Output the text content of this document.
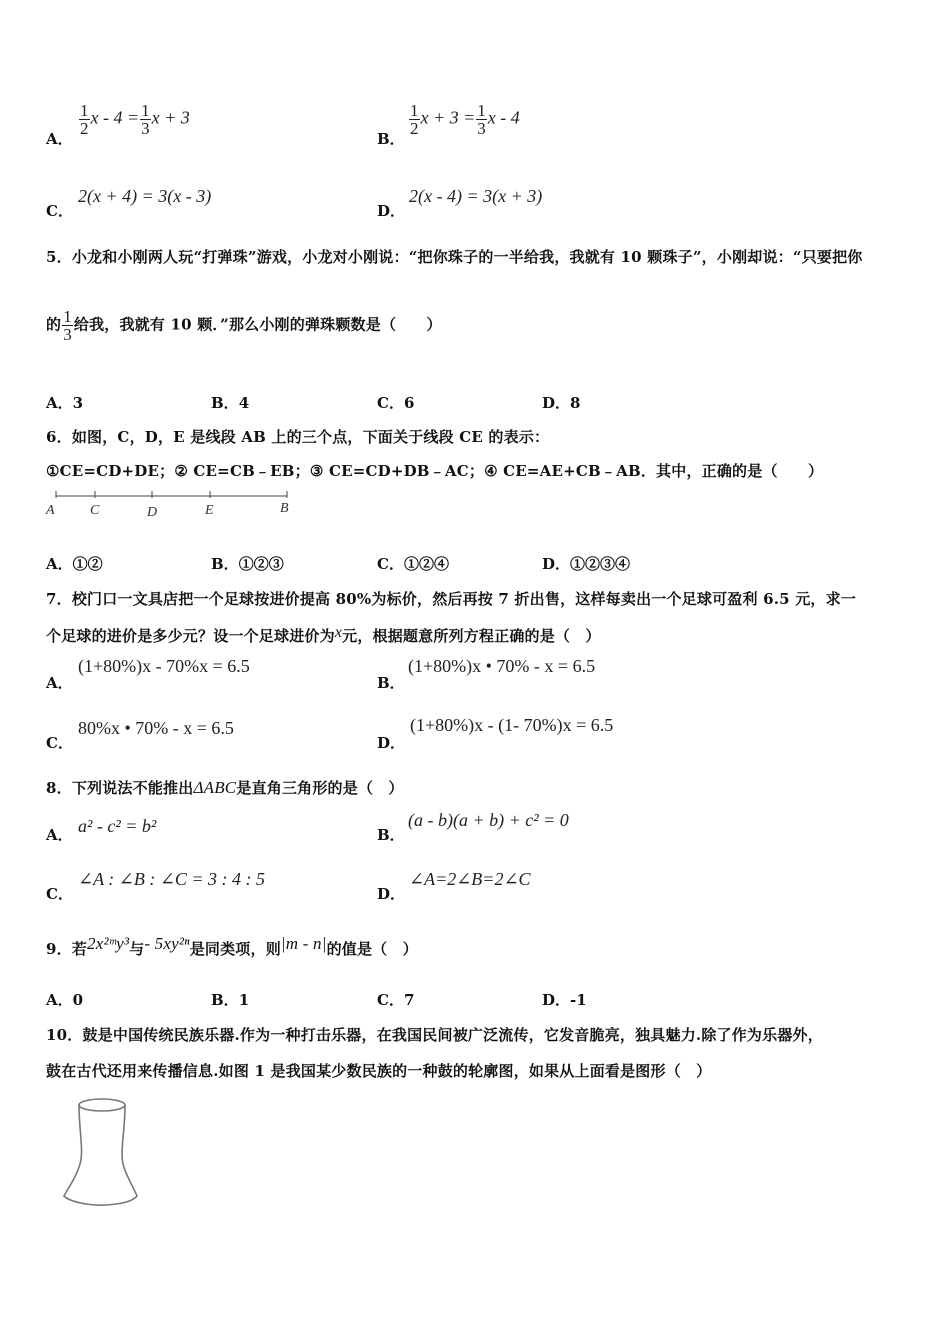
A．
$\frac{1}{2}$ $x - 4 = \frac{1}{3}$ x + 3
B．
$\frac{1}{2}$ $x + 3 = \frac{1}{3}$ x - 4
C．
2(x + 4) = 3(x - 3)
D．
2(x - 4) = 3(x + 3)
5．小龙和小刚两人玩“打弹珠”游戏，小龙对小刚说：“把你珠子的一半给我，我就有 10 颗珠子”，小刚却说：“只要把你
的 $\frac{1}{3}$ 给我，我就有 10 颗．”那么小刚的弹珠颗数是（　　）
A．3	B．4	C．6	D．8
6．如图，C，D，E 是线段 AB 上的三个点，下面关于线段 CE 的表示：
①CE=CD+DE；② CE=CB﹣EB；③ CE=CD+DB﹣AC；④ CE=AE+CB﹣AB．其中，正确的是（　　）
A	C	D	E	B
A．①②	B．①②③	C．①②④	D．①②③④
7．校门口一文具店把一个足球按进价提高 80%为标价，然后再按 7 折出售，这样每卖出一个足球可盈利 6.5 元，求一
个足球的进价是多少元？设一个足球进价为x元，根据题意所列方程正确的是（　）
A．
(1+80%)x - 70%x = 6.5
B．
(1+80%)x • 70% - x = 6.5
C．
80%x • 70% - x = 6.5
D．
(1+80%)x - (1- 70%)x = 6.5
8．下列说法不能推出ΔABC是直角三角形的是（　）
A． a² - c² = b²	B．
(a - b)(a + b) + c² = 0
C．
∠A : ∠B : ∠C = 3 : 4 : 5
D．
∠A=2∠B=2∠C
9．若2x²ᵐy³与- 5xy²ⁿ是同类项，则|m - n|的值是（　）
A．0	B．1	C．7	D．-1
10．鼓是中国传统民族乐器.作为一种打击乐器，在我国民间被广泛流传，它发音脆亮，独具魅力.除了作为乐器外，
鼓在古代还用来传播信息.如图 1 是我国某少数民族的一种鼓的轮廓图，如果从上面看是图形（　）
